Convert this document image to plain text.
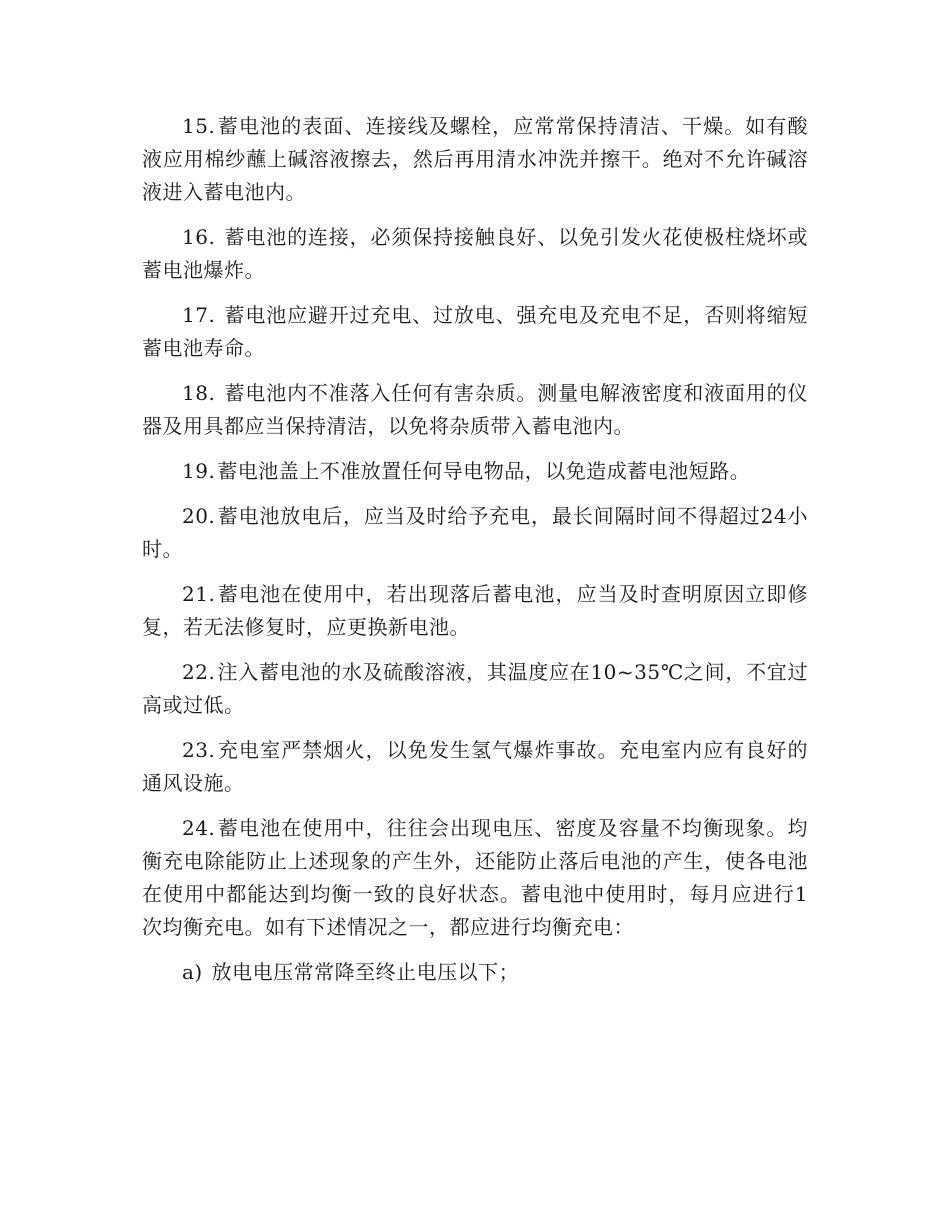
15. 蓄电池的表面、连接线及螺栓，应常常保持清洁、干燥。如有酸液应用棉纱蘸上碱溶液擦去，然后再用清水冲洗并擦干。绝对不允许碱溶液进入蓄电池内。

16. 蓄电池的连接，必须保持接触良好、以免引发火花使极柱烧坏或蓄电池爆炸。

17. 蓄电池应避开过充电、过放电、强充电及充电不足，否则将缩短蓄电池寿命。

18. 蓄电池内不准落入任何有害杂质。测量电解液密度和液面用的仪器及用具都应当保持清洁，以免将杂质带入蓄电池内。

19. 蓄电池盖上不准放置任何导电物品，以免造成蓄电池短路。

20. 蓄电池放电后，应当及时给予充电，最长间隔时间不得超过24小时。

21. 蓄电池在使用中，若出现落后蓄电池，应当及时查明原因立即修复，若无法修复时，应更换新电池。

22. 注入蓄电池的水及硫酸溶液，其温度应在10~35℃之间，不宜过高或过低。

23. 充电室严禁烟火，以免发生氢气爆炸事故。充电室内应有良好的通风设施。

24. 蓄电池在使用中，往往会出现电压、密度及容量不均衡现象。均衡充电除能防止上述现象的产生外，还能防止落后电池的产生，使各电池在使用中都能达到均衡一致的良好状态。蓄电池中使用时，每月应进行1次均衡充电。如有下述情况之一，都应进行均衡充电：

a) 放电电压常常降至终止电压以下；
